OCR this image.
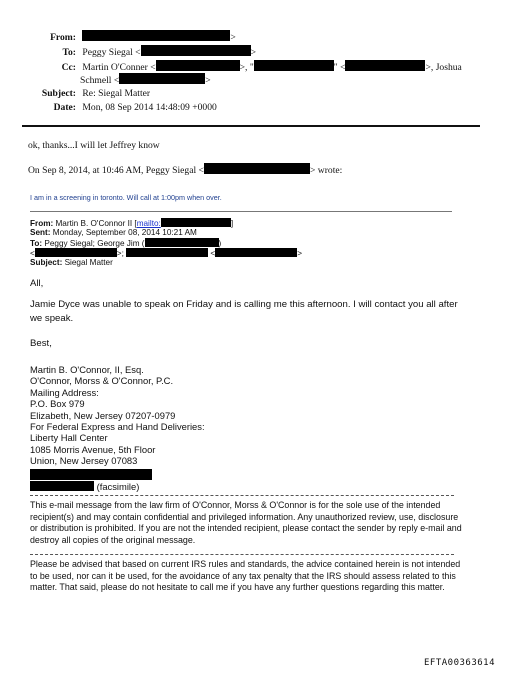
From:	>
To: Peggy Siegal <	>
Cc: Martin O'Conner <	>, "	" <	>, Joshua
Schmell <	>
Subject: Re: Siegal Matter
Date: Mon, 08 Sep 2014 14:48:09 +0000
ok, thanks...I will let Jeffrey know
On Sep 8, 2014, at 10:46 AM, Peggy Siegal <	> wrote:
I am in a screening in toronto. Will call at 1:00pm when over.
From: Martin B. O'Connor II [mailto:	]
Sent: Monday, September 08, 2014 10:21 AM
To: Peggy Siegal; George Jim (	)
<	>;	<	>
Subject: Siegal Matter
All,
Jamie Dyce was unable to speak on Friday and is calling me this afternoon. I will contact you all after we speak.
Best,
Martin B. O'Connor, II, Esq.
O'Connor, Morss & O'Connor, P.C.
Mailing Address:
P.O. Box 979
Elizabeth, New Jersey 07207-0979
For Federal Express and Hand Deliveries:
Liberty Hall Center
1085 Morris Avenue, 5th Floor
Union, New Jersey 07083
(facsimile)
This e-mail message from the law firm of O'Connor, Morss & O'Connor is for the sole use of the intended recipient(s) and may contain confidential and privileged information. Any unauthorized review, use, disclosure or distribution is prohibited. If you are not the intended recipient, please contact the sender by reply e-mail and destroy all copies of the original message.
Please be advised that based on current IRS rules and standards, the advice contained herein is not intended to be used, nor can it be used, for the avoidance of any tax penalty that the IRS should assess related to this matter. That said, please do not hesitate to call me if you have any further questions regarding this matter.
EFTA00363614
